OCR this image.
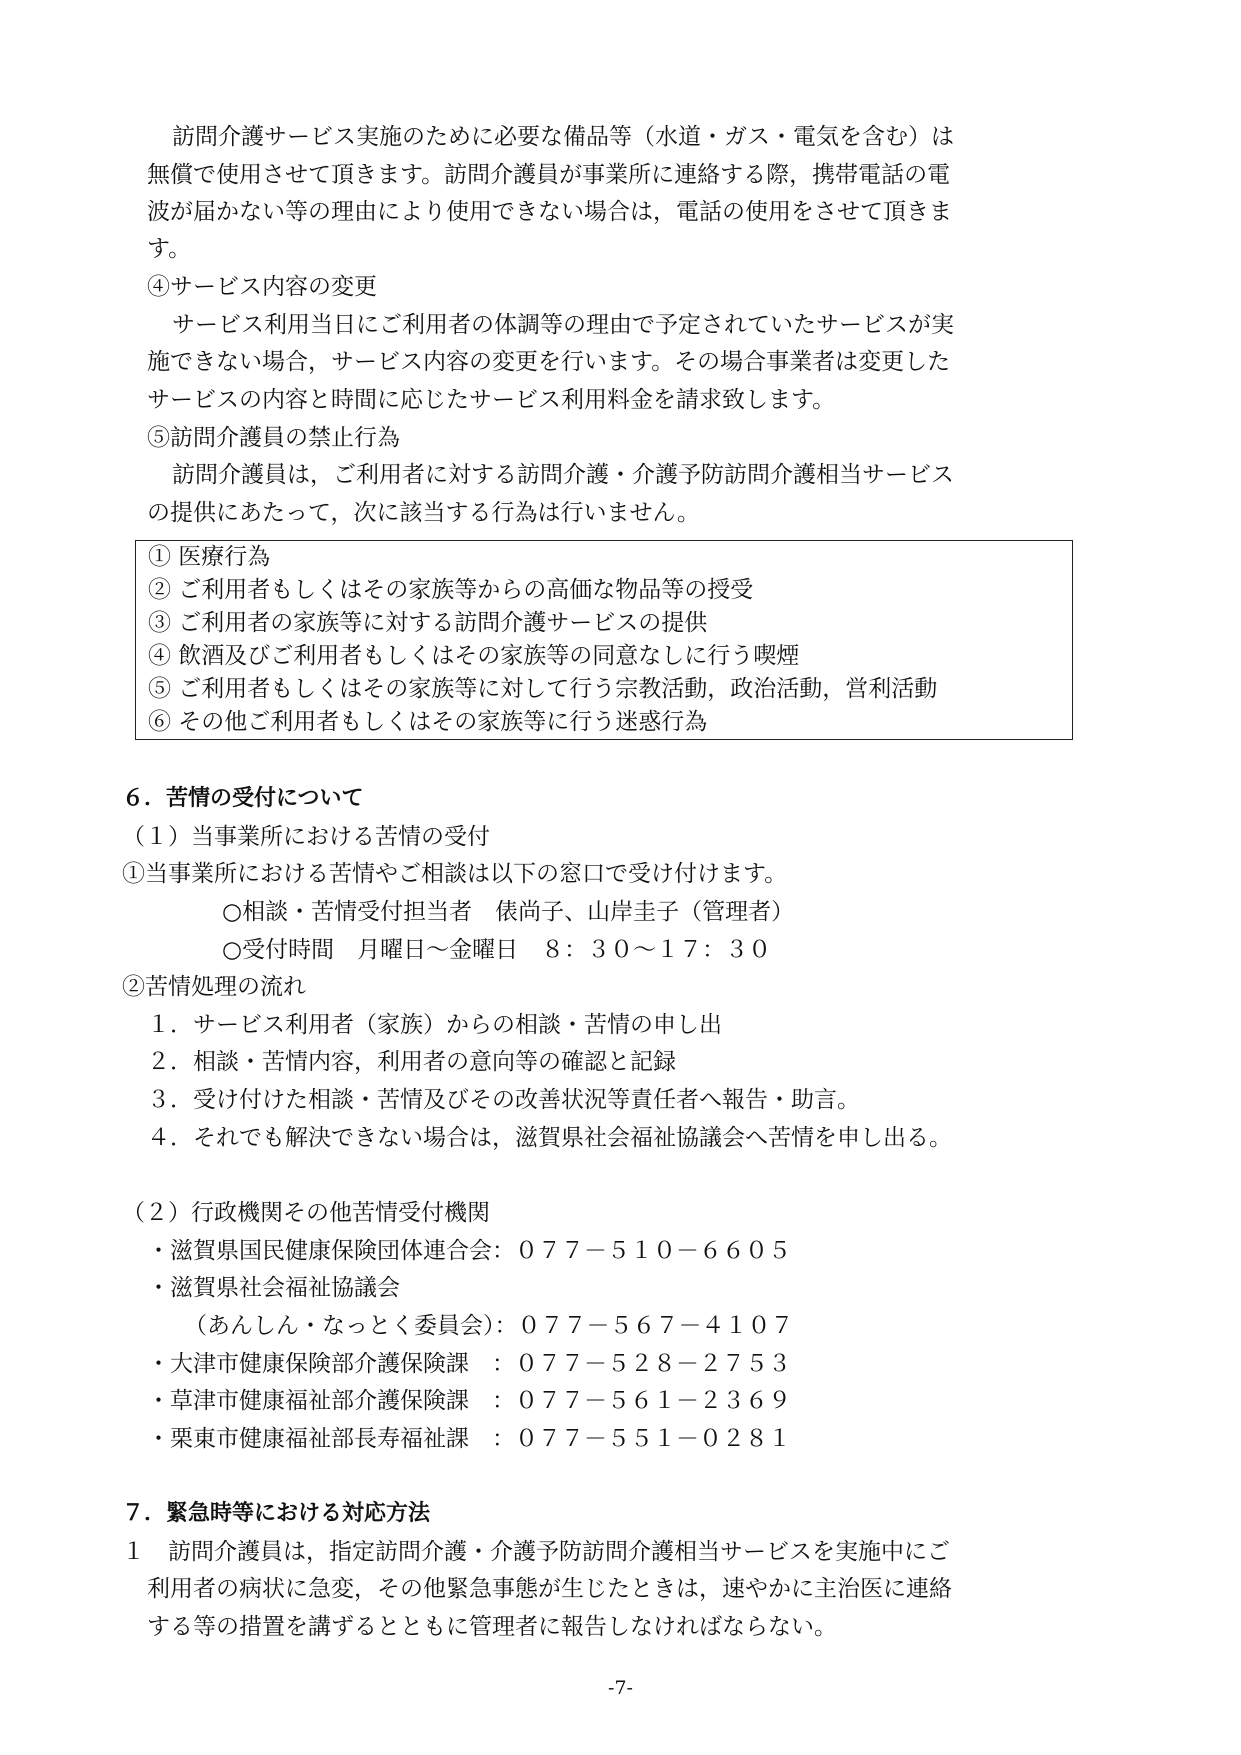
訪問介護サービス実施のために必要な備品等（水道・ガス・電気を含む）は
無償で使用させて頂きます。訪問介護員が事業所に連絡する際，携帯電話の電
波が届かない等の理由により使用できない場合は，電話の使用をさせて頂きま
す。
④サービス内容の変更
サービス利用当日にご利用者の体調等の理由で予定されていたサービスが実
施できない場合，サービス内容の変更を行います。その場合事業者は変更した
サービスの内容と時間に応じたサービス利用料金を請求致します。
⑤訪問介護員の禁止行為
訪問介護員は，ご利用者に対する訪問介護・介護予防訪問介護相当サービス
の提供にあたって，次に該当する行為は行いません。
① 医療行為
② ご利用者もしくはその家族等からの高価な物品等の授受
③ ご利用者の家族等に対する訪問介護サービスの提供
④ 飲酒及びご利用者もしくはその家族等の同意なしに行う喫煙
⑤ ご利用者もしくはその家族等に対して行う宗教活動，政治活動，営利活動
⑥ その他ご利用者もしくはその家族等に行う迷惑行為
６．苦情の受付について
（１）当事業所における苦情の受付
①当事業所における苦情やご相談は以下の窓口で受け付けます。
○相談・苦情受付担当者　俵尚子、山岸圭子（管理者）
○受付時間　月曜日～金曜日　８：３０～１７：３０
②苦情処理の流れ
１．サービス利用者（家族）からの相談・苦情の申し出
２．相談・苦情内容，利用者の意向等の確認と記録
３．受け付けた相談・苦情及びその改善状況等責任者へ報告・助言。
４．それでも解決できない場合は，滋賀県社会福祉協議会へ苦情を申し出る。
（２）行政機関その他苦情受付機関
・滋賀県国民健康保険団体連合会：０７７－５１０－６６０５
・滋賀県社会福祉協議会
（あんしん・なっとく委員会）：０７７－５６７－４１０７
・大津市健康保険部介護保険課　：０７７－５２８－２７５３
・草津市健康福祉部介護保険課　：０７７－５６１－２３６９
・栗東市健康福祉部長寿福祉課　：０７７－５５１－０２８１
７．緊急時等における対応方法
１　訪問介護員は，指定訪問介護・介護予防訪問介護相当サービスを実施中にご
利用者の病状に急変，その他緊急事態が生じたときは，速やかに主治医に連絡
する等の措置を講ずるとともに管理者に報告しなければならない。
-7-
